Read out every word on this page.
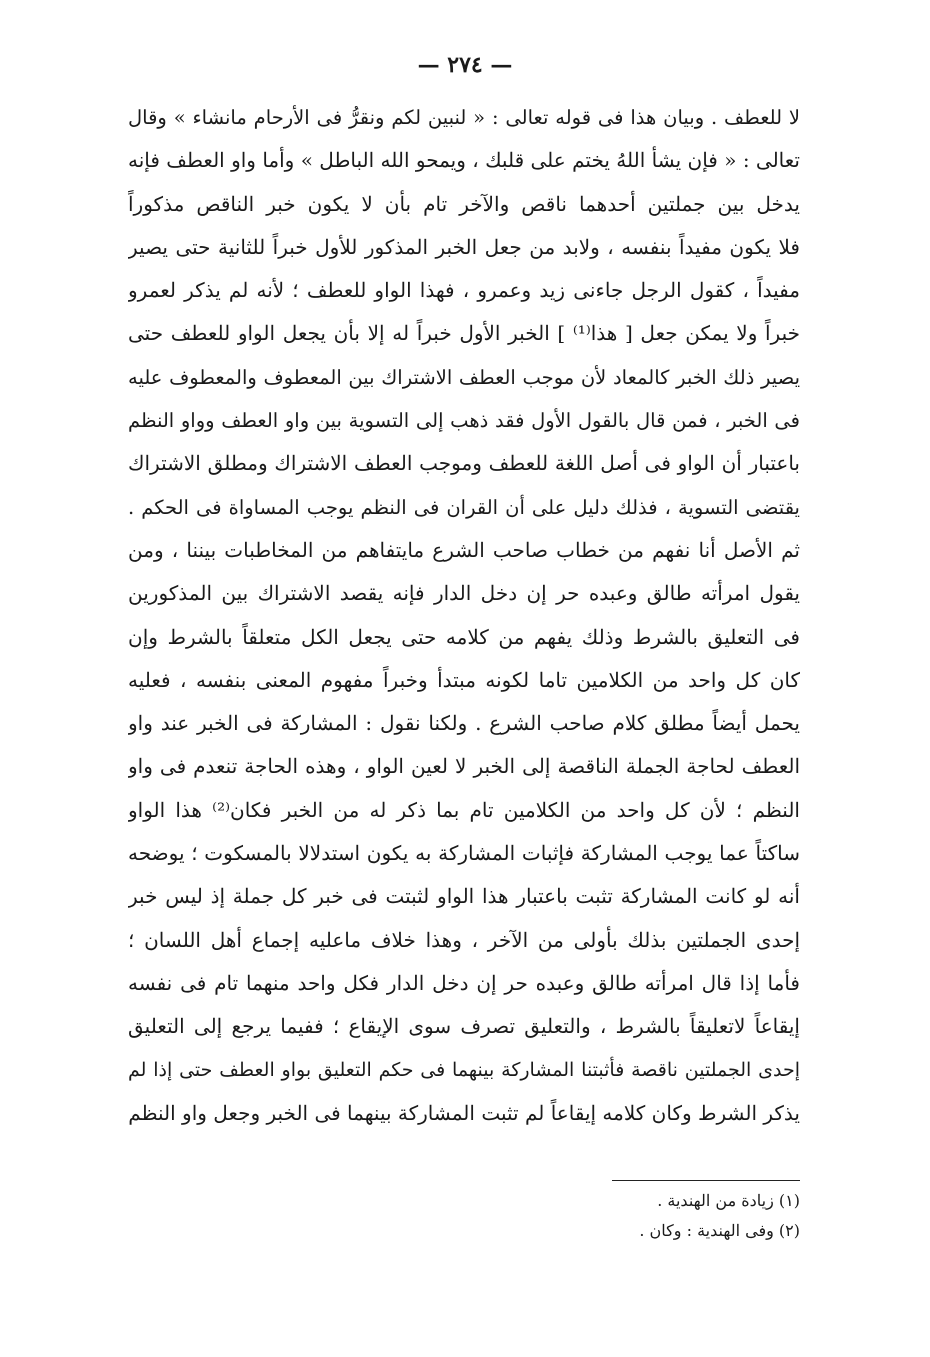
— ٢٧٤ —
لا للعطف . وبيان هذا فى قوله تعالى : « لنبين لكم ونقرُّ فى الأرحام مانشاء » وقال
تعالى : « فإن يشأ اللهُ يختم على قلبك ، ويمحو الله الباطل » وأما واو العطف فإنه
يدخل بين جملتين أحدهما ناقص والآخر تام بأن لا يكون خبر الناقص مذكوراً
فلا يكون مفيداً بنفسه ، ولابد من جعل الخبر المذكور للأول خبراً للثانية حتى يصير
مفيداً ، كقول الرجل جاءنى زيد وعمرو ، فهذا الواو للعطف ؛ لأنه لم يذكر لعمرو
خبراً ولا يمكن جعل [ هذا⁽¹⁾ ] الخبر الأول خبراً له إلا بأن يجعل الواو للعطف حتى
يصير ذلك الخبر كالمعاد لأن موجب العطف الاشتراك بين المعطوف والمعطوف عليه
فى الخبر ، فمن قال بالقول الأول فقد ذهب إلى التسوية بين واو العطف وواو النظم
باعتبار أن الواو فى أصل اللغة للعطف وموجب العطف الاشتراك ومطلق الاشتراك
يقتضى التسوية ، فذلك دليل على أن القران فى النظم يوجب المساواة فى الحكم .
ثم الأصل أنا نفهم من خطاب صاحب الشرع مايتفاهم من المخاطبات بيننا ، ومن
يقول امرأته طالق وعبده حر إن دخل الدار فإنه يقصد الاشتراك بين المذكورين
فى التعليق بالشرط وذلك يفهم من كلامه حتى يجعل الكل متعلقاً بالشرط وإن
كان كل واحد من الكلامين تاما لكونه مبتدأ وخبراً مفهوم المعنى بنفسه ، فعليه
يحمل أيضاً مطلق كلام صاحب الشرع . ولكنا نقول : المشاركة فى الخبر عند واو
العطف لحاجة الجملة الناقصة إلى الخبر لا لعين الواو ، وهذه الحاجة تنعدم فى واو
النظم ؛ لأن كل واحد من الكلامين تام بما ذكر له من الخبر فكان⁽²⁾ هذا الواو
ساكتاً عما يوجب المشاركة فإثبات المشاركة به يكون استدلالا بالمسكوت ؛ يوضحه
أنه لو كانت المشاركة تثبت باعتبار هذا الواو لثبتت فى خبر كل جملة إذ ليس خبر
إحدى الجملتين بذلك بأولى من الآخر ، وهذا خلاف ماعليه إجماع أهل اللسان ؛
فأما إذا قال امرأته طالق وعبده حر إن دخل الدار فكل واحد منهما تام فى نفسه
إيقاعاً لاتعليقاً بالشرط ، والتعليق تصرف سوى الإيقاع ؛ ففيما يرجع إلى التعليق
إحدى الجملتين ناقصة فأثبتنا المشاركة بينهما فى حكم التعليق بواو العطف حتى إذا لم
يذكر الشرط وكان كلامه إيقاعاً لم تثبت المشاركة بينهما فى الخبر وجعل واو النظم
(١) زيادة من الهندية .
(٢) وفى الهندية : وكان .
